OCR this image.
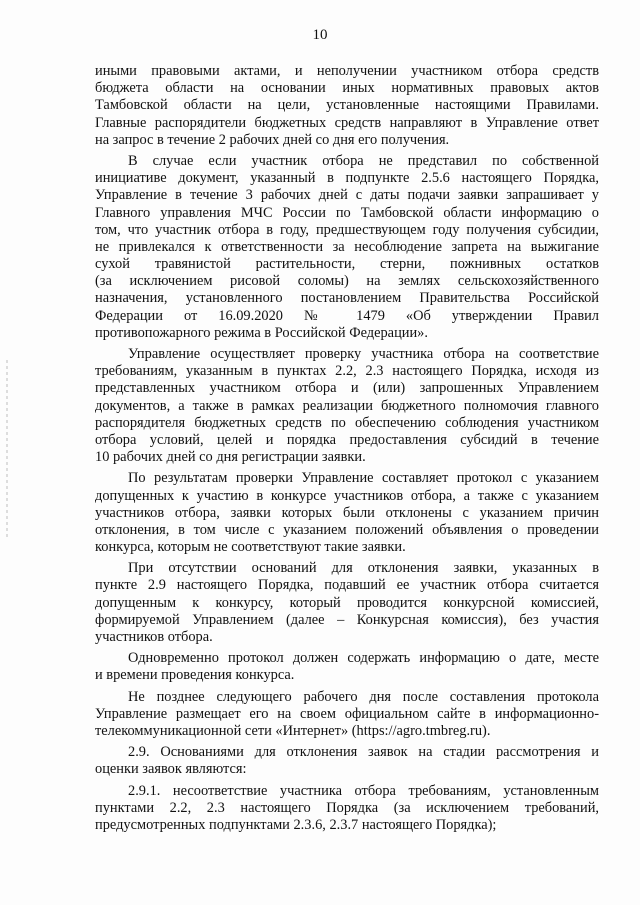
10
иными правовыми актами, и неполучении участником отбора средств
бюджета области на основании иных нормативных правовых актов
Тамбовской области на цели, установленные настоящими Правилами.
Главные распорядители бюджетных средств направляют в Управление ответ
на запрос в течение 2 рабочих дней со дня его получения.
В случае если участник отбора не представил по собственной
инициативе документ, указанный в подпункте 2.5.6 настоящего Порядка,
Управление в течение 3 рабочих дней с даты подачи заявки запрашивает у
Главного управления МЧС России по Тамбовской области информацию о
том, что участник отбора в году, предшествующем году получения субсидии,
не привлекался к ответственности за несоблюдение запрета на выжигание
сухой травянистой растительности, стерни, пожнивных остатков
(за исключением рисовой соломы) на землях сельскохозяйственного
назначения, установленного постановлением Правительства Российской
Федерации от 16.09.2020 № 1479 «Об утверждении Правил
противопожарного режима в Российской Федерации».
Управление осуществляет проверку участника отбора на соответствие
требованиям, указанным в пунктах 2.2, 2.3 настоящего Порядка, исходя из
представленных участником отбора и (или) запрошенных Управлением
документов, а также в рамках реализации бюджетного полномочия главного
распорядителя бюджетных средств по обеспечению соблюдения участником
отбора условий, целей и порядка предоставления субсидий в течение
10 рабочих дней со дня регистрации заявки.
По результатам проверки Управление составляет протокол с указанием
допущенных к участию в конкурсе участников отбора, а также с указанием
участников отбора, заявки которых были отклонены с указанием причин
отклонения, в том числе с указанием положений объявления о проведении
конкурса, которым не соответствуют такие заявки.
При отсутствии оснований для отклонения заявки, указанных в
пункте 2.9 настоящего Порядка, подавший ее участник отбора считается
допущенным к конкурсу, который проводится конкурсной комиссией,
формируемой Управлением (далее – Конкурсная комиссия), без участия
участников отбора.
Одновременно протокол должен содержать информацию о дате, месте
и времени проведения конкурса.
Не позднее следующего рабочего дня после составления протокола
Управление размещает его на своем официальном сайте в информационно-
телекоммуникационной сети «Интернет» (https://agro.tmbreg.ru).
2.9. Основаниями для отклонения заявок на стадии рассмотрения и
оценки заявок являются:
2.9.1. несоответствие участника отбора требованиям, установленным
пунктами 2.2, 2.3 настоящего Порядка (за исключением требований,
предусмотренных подпунктами 2.3.6, 2.3.7 настоящего Порядка);
